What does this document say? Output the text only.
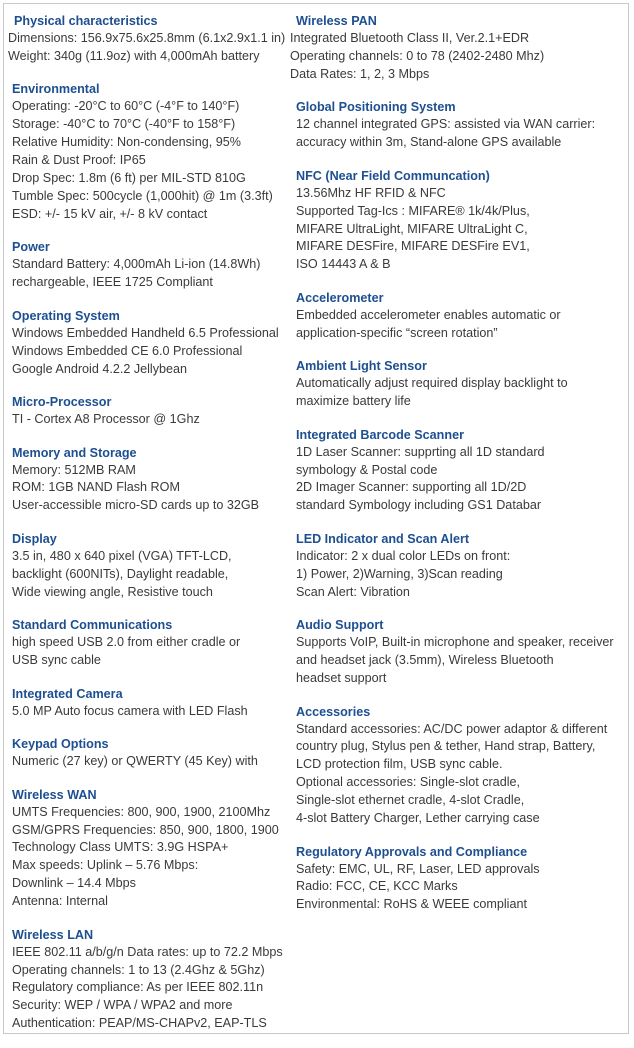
Physical characteristics
Dimensions: 156.9x75.6x25.8mm (6.1x2.9x1.1 in)
Weight: 340g (11.9oz) with 4,000mAh battery
Environmental
Operating: -20°C to 60°C (-4°F to 140°F)
Storage: -40°C to 70°C (-40°F to 158°F)
Relative Humidity: Non-condensing, 95%
Rain & Dust Proof: IP65
Drop Spec: 1.8m (6 ft) per MIL-STD 810G
Tumble Spec: 500cycle (1,000hit) @ 1m (3.3ft)
ESD: +/- 15 kV air, +/- 8 kV contact
Power
Standard Battery: 4,000mAh Li-ion (14.8Wh)
rechargeable, IEEE 1725 Compliant
Operating System
Windows Embedded Handheld 6.5 Professional
Windows Embedded CE 6.0 Professional
Google Android 4.2.2 Jellybean
Micro-Processor
TI - Cortex A8 Processor @ 1Ghz
Memory and Storage
Memory: 512MB RAM
ROM: 1GB NAND Flash ROM
User-accessible micro-SD cards up to 32GB
Display
3.5 in, 480 x 640 pixel (VGA) TFT-LCD,
backlight (600NITs), Daylight readable,
Wide viewing angle, Resistive touch
Standard Communications
high speed USB 2.0 from either cradle or
USB sync cable
Integrated Camera
5.0 MP Auto focus camera with LED Flash
Keypad Options
Numeric (27 key) or QWERTY (45 Key) with
Wireless WAN
UMTS Frequencies: 800, 900, 1900, 2100Mhz
GSM/GPRS Frequencies: 850, 900, 1800, 1900
Technology Class UMTS: 3.9G HSPA+
Max speeds: Uplink – 5.76 Mbps:
Downlink – 14.4 Mbps
Antenna: Internal
Wireless LAN
IEEE 802.11 a/b/g/n Data rates: up to 72.2 Mbps
Operating channels: 1 to 13 (2.4Ghz & 5Ghz)
Regulatory compliance: As per IEEE 802.11n
Security: WEP / WPA / WPA2 and more
Authentication: PEAP/MS-CHAPv2, EAP-TLS
Wireless PAN
Integrated Bluetooth Class II, Ver.2.1+EDR
Operating channels: 0 to 78 (2402-2480 Mhz)
Data Rates: 1, 2, 3 Mbps
Global Positioning System
12 channel integrated GPS: assisted via WAN carrier:
accuracy within 3m, Stand-alone GPS available
NFC (Near Field Communcation)
13.56Mhz HF RFID & NFC
Supported Tag-Ics : MIFARE® 1k/4k/Plus,
MIFARE UltraLight, MIFARE UltraLight C,
MIFARE DESFire, MIFARE DESFire EV1,
ISO 14443 A & B
Accelerometer
Embedded accelerometer enables automatic or
application-specific “screen rotation”
Ambient Light Sensor
Automatically adjust required display backlight to
maximize battery life
Integrated Barcode Scanner
1D Laser Scanner: supprting all 1D standard
symbology & Postal code
2D Imager Scanner: supporting all 1D/2D
standard Symbology including GS1 Databar
LED Indicator and Scan Alert
Indicator: 2 x dual color LEDs on front:
1) Power, 2)Warning, 3)Scan reading
Scan Alert: Vibration
Audio Support
Supports VoIP, Built-in microphone and speaker, receiver
and headset jack (3.5mm), Wireless Bluetooth
headset support
Accessories
Standard accessories: AC/DC power adaptor & different
country plug, Stylus pen & tether, Hand strap, Battery,
LCD protection film, USB sync cable.
Optional accessories: Single-slot cradle,
Single-slot ethernet cradle, 4-slot Cradle,
4-slot Battery Charger, Lether carrying case
Regulatory Approvals and Compliance
Safety: EMC, UL, RF, Laser, LED approvals
Radio: FCC, CE, KCC Marks
Environmental: RoHS & WEEE compliant
